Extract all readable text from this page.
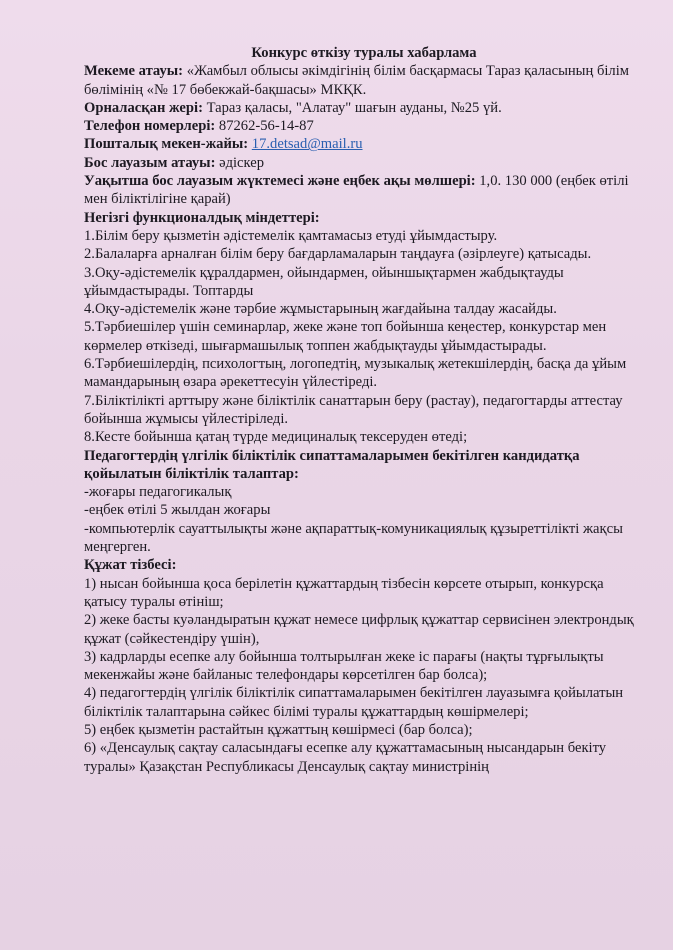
Конкурс өткізу туралы хабарлама

Мекеме атауы: «Жамбыл облысы әкімдігінің білім басқармасы Тараз қаласының білім бөлімінің «№ 17 бөбекжай-бақшасы» МКҚК.

Орналасқан жері: Тараз қаласы, "Алатау" шағын ауданы, №25 үй.

Телефон номерлері: 87262-56-14-87

Пошталық мекен-жайы: 17.detsad@mail.ru

Бос лауазым атауы: әдіскер

Уақытша бос лауазым жүктемесі және еңбек ақы мөлшері: 1,0. 130 000 (еңбек өтілі мен біліктілігіне қарай)

Негізгі функционалдық міндеттері:

1.Білім беру қызметін әдістемелік қамтамасыз етуді ұйымдастыру.

2.Балаларға арналған білім беру бағдарламаларын таңдауға (әзірлеуге) қатысады.

3.Оқу-әдістемелік құралдармен, ойындармен, ойыншықтармен жабдықтауды ұйымдастырады. Топтарды

4.Оқу-әдістемелік және тәрбие жұмыстарының жағдайына талдау жасайды.

5.Тәрбиешілер үшін семинарлар, жеке және топ бойынша кеңестер, конкурстар мен көрмелер өткізеді, шығармашылық топпен жабдықтауды ұйымдастырады.

6.Тәрбиешілердің, психологтың, логопедтің, музыкалық жетекшілердің, басқа да ұйым мамандарының өзара әрекеттесуін үйлестіреді.

7.Біліктілікті арттыру және біліктілік санаттарын беру (растау), педагогтарды аттестау бойынша жұмысы үйлестіріледі.

8.Кесте бойынша қатаң түрде медициналық тексеруден өтеді;

Педагогтердің үлгілік біліктілік сипаттамаларымен бекітілген кандидатқа

қойылатын біліктілік талаптар:

-жоғары педагогикалық

-еңбек өтілі 5 жылдан жоғары

-компьютерлік сауаттылықты және ақпараттық-комуникациялық құзыреттілікті жақсы

меңгерген.

Құжат тізбесі:

1) нысан бойынша қоса берілетін құжаттардың тізбесін көрсете отырып, конкурсқа қатысу туралы өтініш;

2) жеке басты куәландыратын құжат немесе цифрлық құжаттар сервисінен электрондық құжат (сәйкестендіру үшін),

3) кадрларды есепке алу бойынша толтырылған жеке іс парағы (нақты тұрғылықты мекенжайы және байланыс телефондары көрсетілген бар болса);

4) педагогтердің үлгілік біліктілік сипаттамаларымен бекітілген лауазымға қойылатын біліктілік талаптарына сәйкес білімі туралы құжаттардың көшірмелері;

5) еңбек қызметін растайтын құжаттың көшірмесі (бар болса);

6) «Денсаулық сақтау саласындағы есепке алу құжаттамасының нысандарын бекіту туралы» Қазақстан Республикасы Денсаулық сақтау министрінің
